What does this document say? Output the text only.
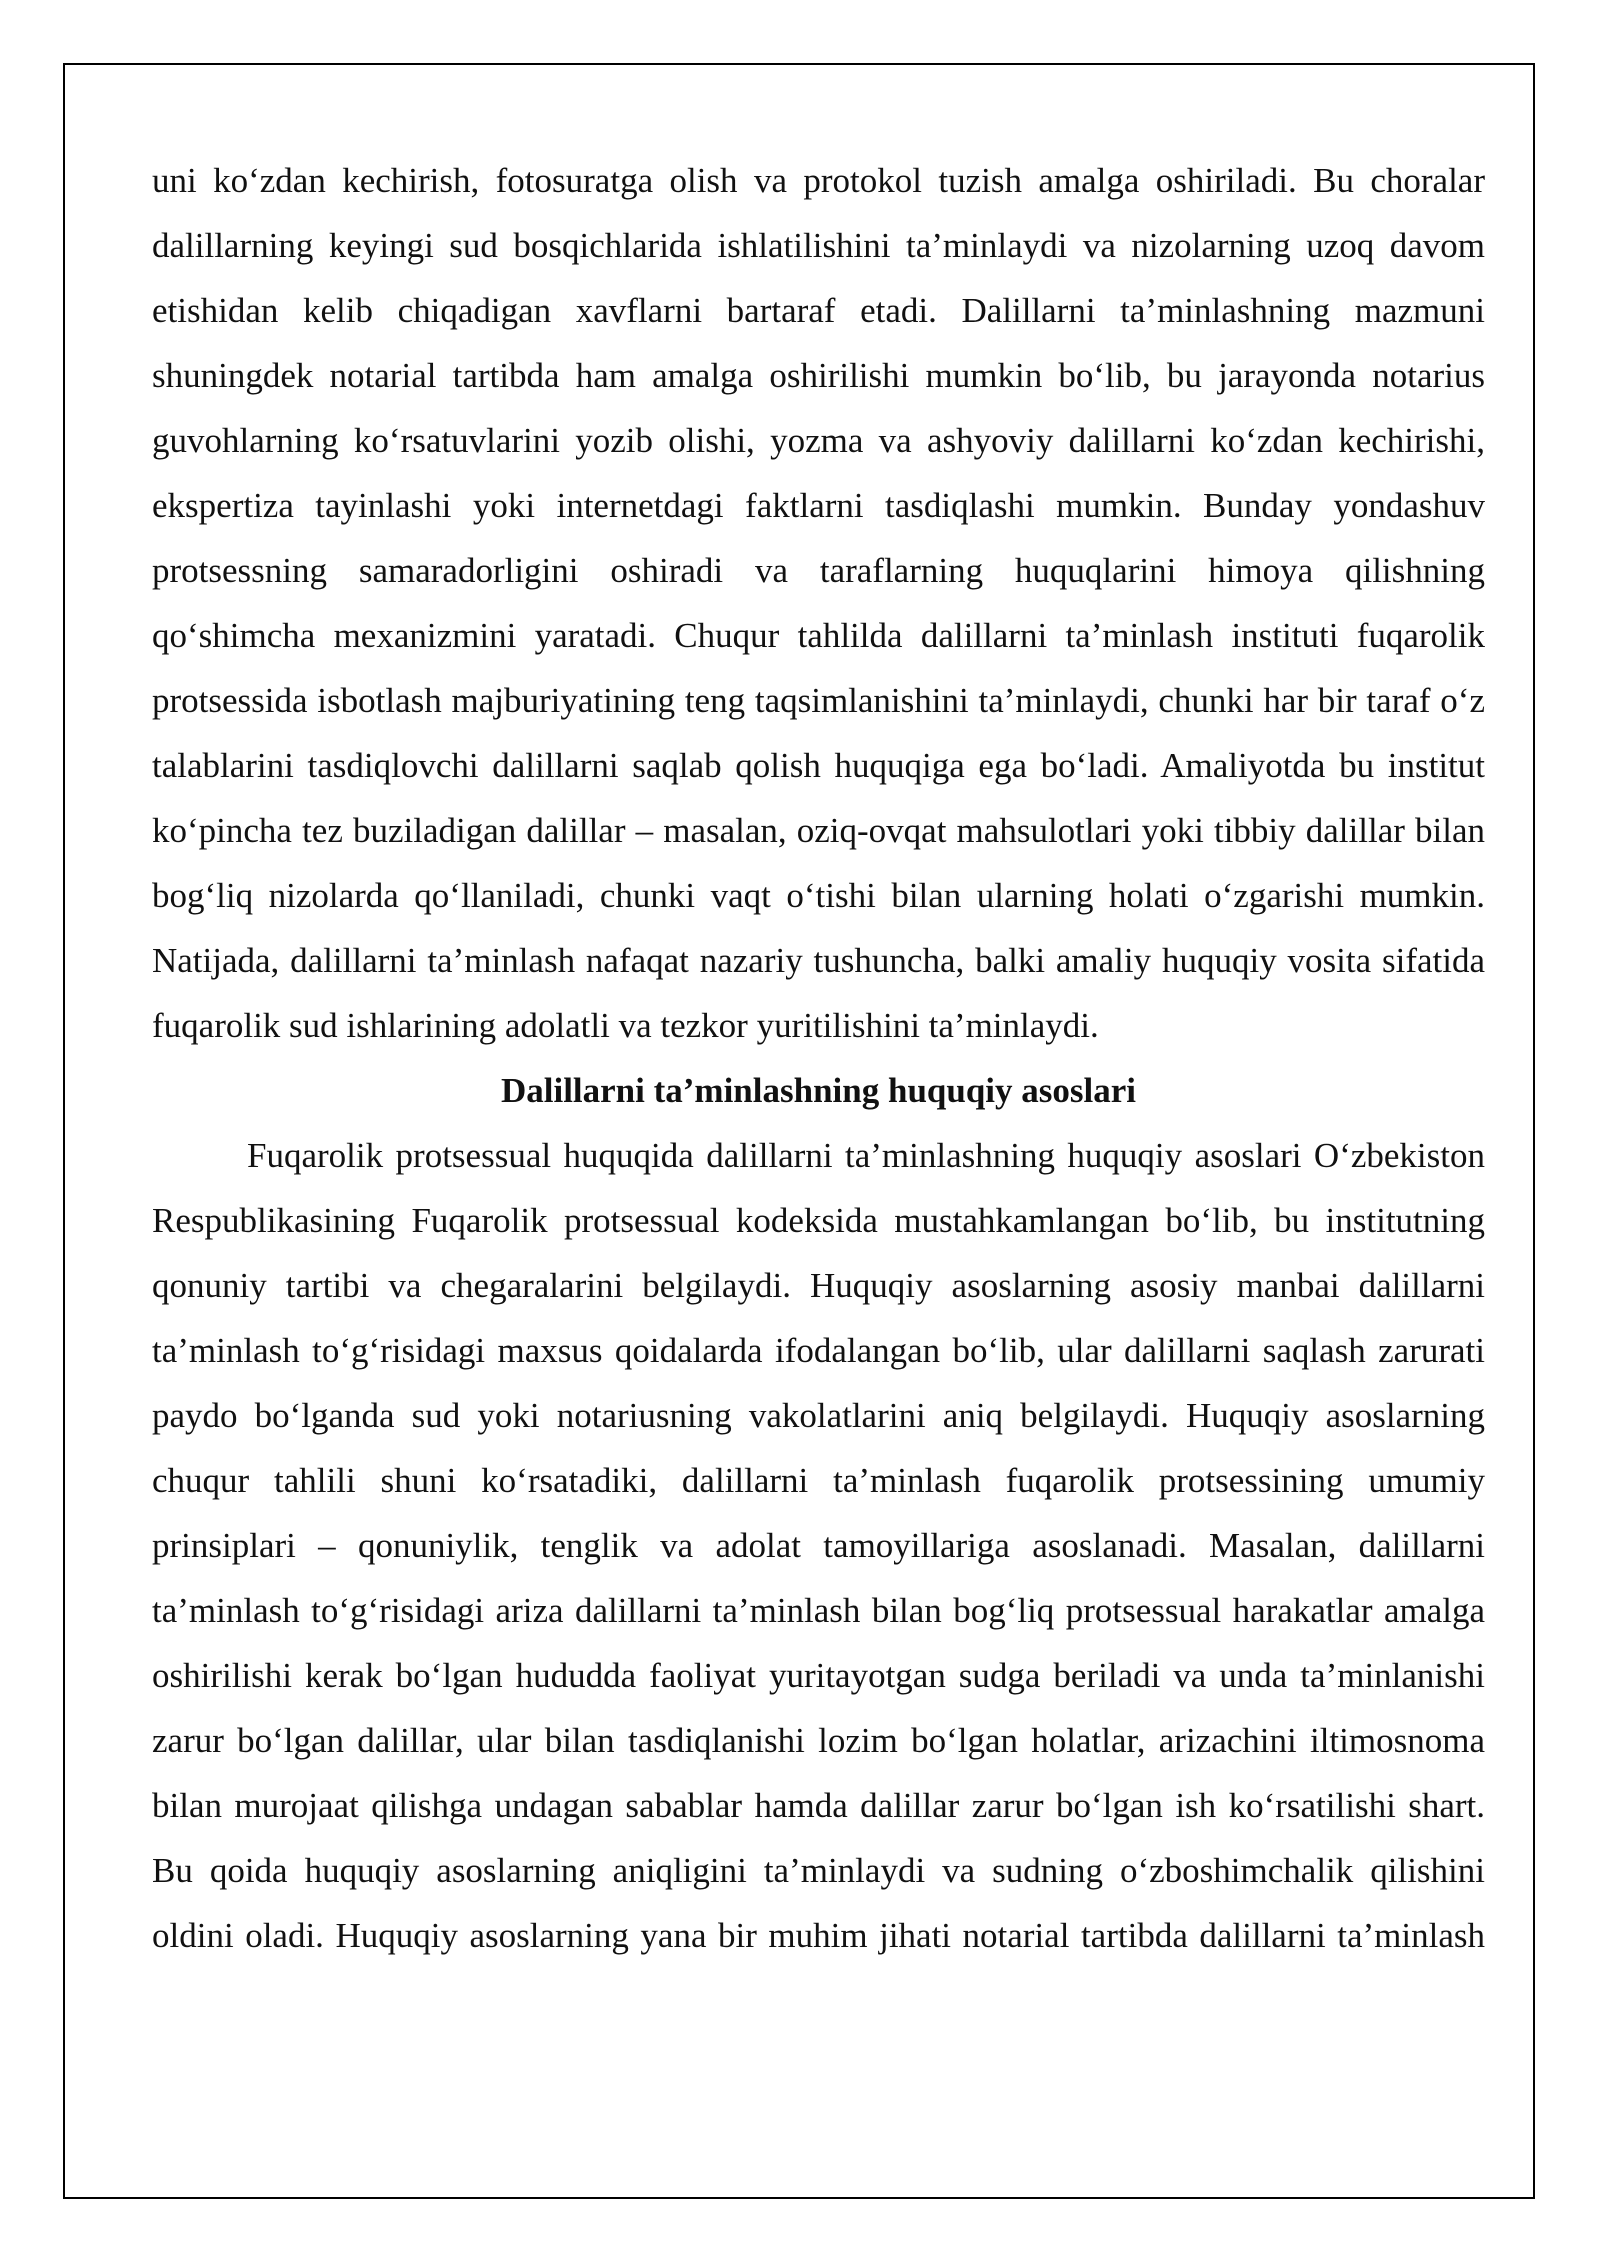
uni ko‘zdan kechirish, fotosuratga olish va protokol tuzish amalga oshiriladi. Bu choralar dalillarning keyingi sud bosqichlarida ishlatilishini ta’minlaydi va nizolarning uzoq davom etishidan kelib chiqadigan xavflarni bartaraf etadi. Dalillarni ta’minlashning mazmuni shuningdek notarial tartibda ham amalga oshirilishi mumkin bo‘lib, bu jarayonda notarius guvohlarning ko‘rsatuvlarini yozib olishi, yozma va ashyoviy dalillarni ko‘zdan kechirishi, ekspertiza tayinlashi yoki internetdagi faktlarni tasdiqlashi mumkin. Bunday yondashuv protsessning samaradorligini oshiradi va taraflarning huquqlarini himoya qilishning qo‘shimcha mexanizmini yaratadi. Chuqur tahlilda dalillarni ta’minlash instituti fuqarolik protsessida isbotlash majburiyatining teng taqsimlanishini ta’minlaydi, chunki har bir taraf o‘z talablarini tasdiqlovchi dalillarni saqlab qolish huquqiga ega bo‘ladi. Amaliyotda bu institut ko‘pincha tez buziladigan dalillar – masalan, oziq-ovqat mahsulotlari yoki tibbiy dalillar bilan bog‘liq nizolarda qo‘llaniladi, chunki vaqt o‘tishi bilan ularning holati o‘zgarishi mumkin. Natijada, dalillarni ta’minlash nafaqat nazariy tushuncha, balki amaliy huquqiy vosita sifatida fuqarolik sud ishlarining adolatli va tezkor yuritilishini ta’minlaydi.

Dalillarni ta’minlashning huquqiy asoslari

Fuqarolik protsessual huquqida dalillarni ta’minlashning huquqiy asoslari O‘zbekiston Respublikasining Fuqarolik protsessual kodeksida mustahkamlangan bo‘lib, bu institutning qonuniy tartibi va chegaralarini belgilaydi. Huquqiy asoslarning asosiy manbai dalillarni ta’minlash to‘g‘risidagi maxsus qoidalarda ifodalangan bo‘lib, ular dalillarni saqlash zarurati paydo bo‘lganda sud yoki notariusning vakolatlarini aniq belgilaydi. Huquqiy asoslarning chuqur tahlili shuni ko‘rsatadiki, dalillarni ta’minlash fuqarolik protsessining umumiy prinsiplari – qonuniylik, tenglik va adolat tamoyillariga asoslanadi. Masalan, dalillarni ta’minlash to‘g‘risidagi ariza dalillarni ta’minlash bilan bog‘liq protsessual harakatlar amalga oshirilishi kerak bo‘lgan hududda faoliyat yuritayotgan sudga beriladi va unda ta’minlanishi zarur bo‘lgan dalillar, ular bilan tasdiqlanishi lozim bo‘lgan holatlar, arizachini iltimosnoma bilan murojaat qilishga undagan sabablar hamda dalillar zarur bo‘lgan ish ko‘rsatilishi shart. Bu qoida huquqiy asoslarning aniqligini ta’minlaydi va sudning o‘zboshimchalik qilishini oldini oladi. Huquqiy asoslarning yana bir muhim jihati notarial tartibda dalillarni ta’minlash
